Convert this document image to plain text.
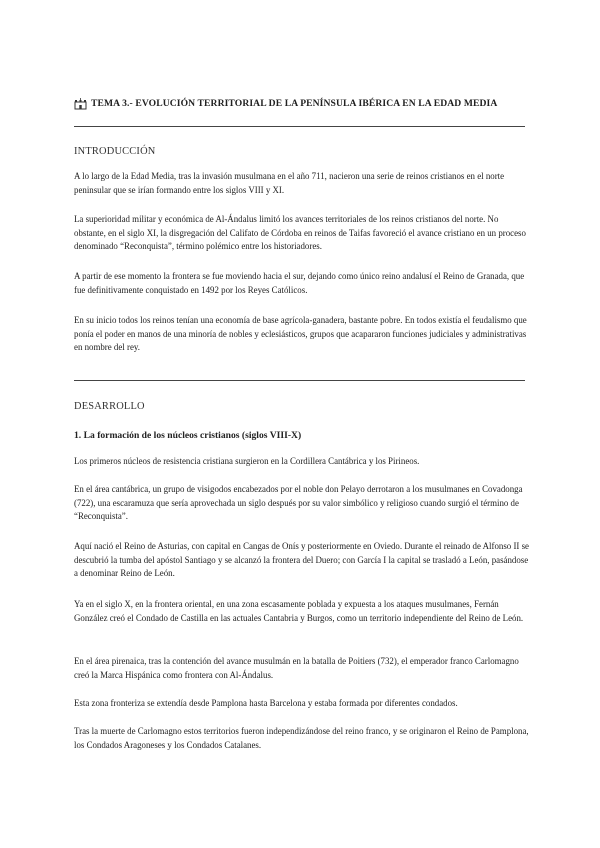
TEMA 3.- EVOLUCIÓN TERRITORIAL DE LA PENÍNSULA IBÉRICA EN LA EDAD MEDIA
INTRODUCCIÓN

A lo largo de la Edad Media, tras la invasión musulmana en el año 711, nacieron una serie de reinos cristianos en el norte peninsular que se irían formando entre los siglos VIII y XI.

La superioridad militar y económica de Al-Ándalus limitó los avances territoriales de los reinos cristianos del norte. No obstante, en el siglo XI, la disgregación del Califato de Córdoba en reinos de Taifas favoreció el avance cristiano en un proceso denominado “Reconquista”, término polémico entre los historiadores.

A partir de ese momento la frontera se fue moviendo hacia el sur, dejando como único reino andalusí el Reino de Granada, que fue definitivamente conquistado en 1492 por los Reyes Católicos.

En su inicio todos los reinos tenían una economía de base agrícola-ganadera, bastante pobre. En todos existía el feudalismo que ponía el poder en manos de una minoría de nobles y eclesiásticos, grupos que acapararon funciones judiciales y administrativas en nombre del rey.

DESARROLLO
1. La formación de los núcleos cristianos (siglos VIII-X)

Los primeros núcleos de resistencia cristiana surgieron en la Cordillera Cantábrica y los Pirineos.

En el área cantábrica, un grupo de visigodos encabezados por el noble don Pelayo derrotaron a los musulmanes en Covadonga (722), una escaramuza que sería aprovechada un siglo después por su valor simbólico y religioso cuando surgió el término de “Reconquista”.

Aquí nació el Reino de Asturias, con capital en Cangas de Onís y posteriormente en Oviedo. Durante el reinado de Alfonso II se descubrió la tumba del apóstol Santiago y se alcanzó la frontera del Duero; con García I la capital se trasladó a León, pasándose a denominar Reino de León.

Ya en el siglo X, en la frontera oriental, en una zona escasamente poblada y expuesta a los ataques musulmanes, Fernán González creó el Condado de Castilla en las actuales Cantabria y Burgos, como un territorio independiente del Reino de León.

En el área pirenaica, tras la contención del avance musulmán en la batalla de Poitiers (732), el emperador franco Carlomagno creó la Marca Hispánica como frontera con Al-Ándalus.

Esta zona fronteriza se extendía desde Pamplona hasta Barcelona y estaba formada por diferentes condados.

Tras la muerte de Carlomagno estos territorios fueron independizándose del reino franco, y se originaron el Reino de Pamplona, los Condados Aragoneses y los Condados Catalanes.
